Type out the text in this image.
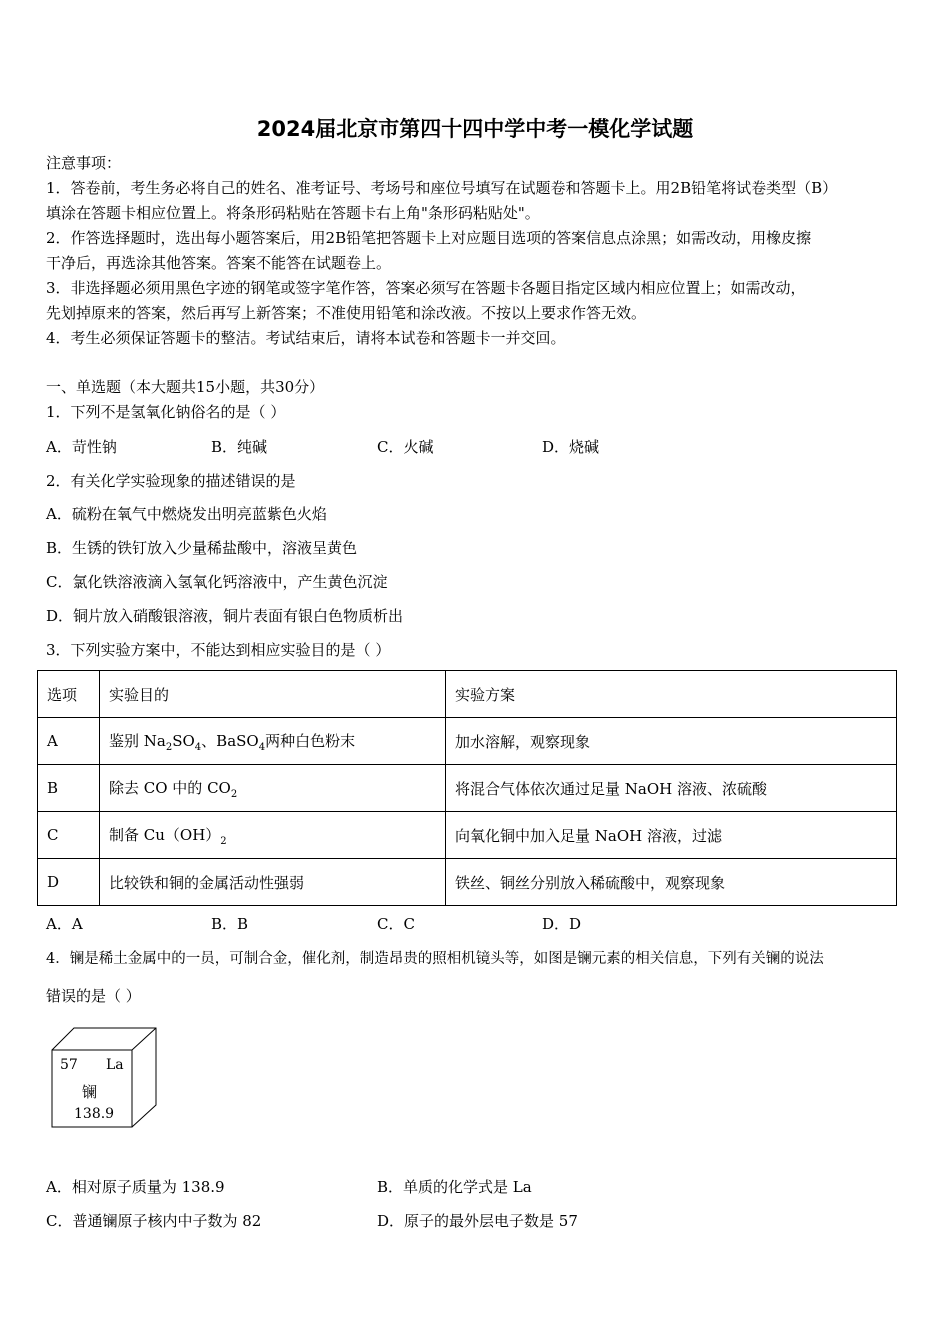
2024届北京市第四十四中学中考一模化学试题
注意事项：
1．答卷前，考生务必将自己的姓名、准考证号、考场号和座位号填写在试题卷和答题卡上。用2B铅笔将试卷类型（B）
填涂在答题卡相应位置上。将条形码粘贴在答题卡右上角"条形码粘贴处"。
2．作答选择题时，选出每小题答案后，用2B铅笔把答题卡上对应题目选项的答案信息点涂黑；如需改动，用橡皮擦
干净后，再选涂其他答案。答案不能答在试题卷上。
3．非选择题必须用黑色字迹的钢笔或签字笔作答，答案必须写在答题卡各题目指定区域内相应位置上；如需改动，
先划掉原来的答案，然后再写上新答案；不准使用铅笔和涂改液。不按以上要求作答无效。
4．考生必须保证答题卡的整洁。考试结束后，请将本试卷和答题卡一并交回。
一、单选题（本大题共15小题，共30分）
1．下列不是氢氧化钠俗名的是（ ）
A．苛性钠	B．纯碱	C．火碱	D．烧碱
2．有关化学实验现象的描述错误的是
A．硫粉在氧气中燃烧发出明亮蓝紫色火焰
B．生锈的铁钉放入少量稀盐酸中，溶液呈黄色
C．氯化铁溶液滴入氢氧化钙溶液中，产生黄色沉淀
D．铜片放入硝酸银溶液，铜片表面有银白色物质析出
3．下列实验方案中，不能达到相应实验目的是（ ）
选项	实验目的	实验方案
A	鉴别 $Na_2SO_4$、BaSO$_4$两种白色粉末	加水溶解，观察现象
B	除去 CO 中的 $CO_2$	将混合气体依次通过足量 NaOH 溶液、浓硫酸
C	制备 $Cu(OH)_2$	向氧化铜中加入足量 NaOH 溶液，过滤
D	比较铁和铜的金属活动性强弱	铁丝、铜丝分别放入稀硫酸中，观察现象
A．A	B．B	C．C	D．D
4．镧是稀土金属中的一员，可制合金，催化剂，制造昂贵的照相机镜头等，如图是镧元素的相关信息，下列有关镧的说法
错误的是（ ）
57 La
镧
138.9
A．相对原子质量为 138.9	B．单质的化学式是 La
C．普通镧原子核内中子数为 82	D．原子的最外层电子数是 57
